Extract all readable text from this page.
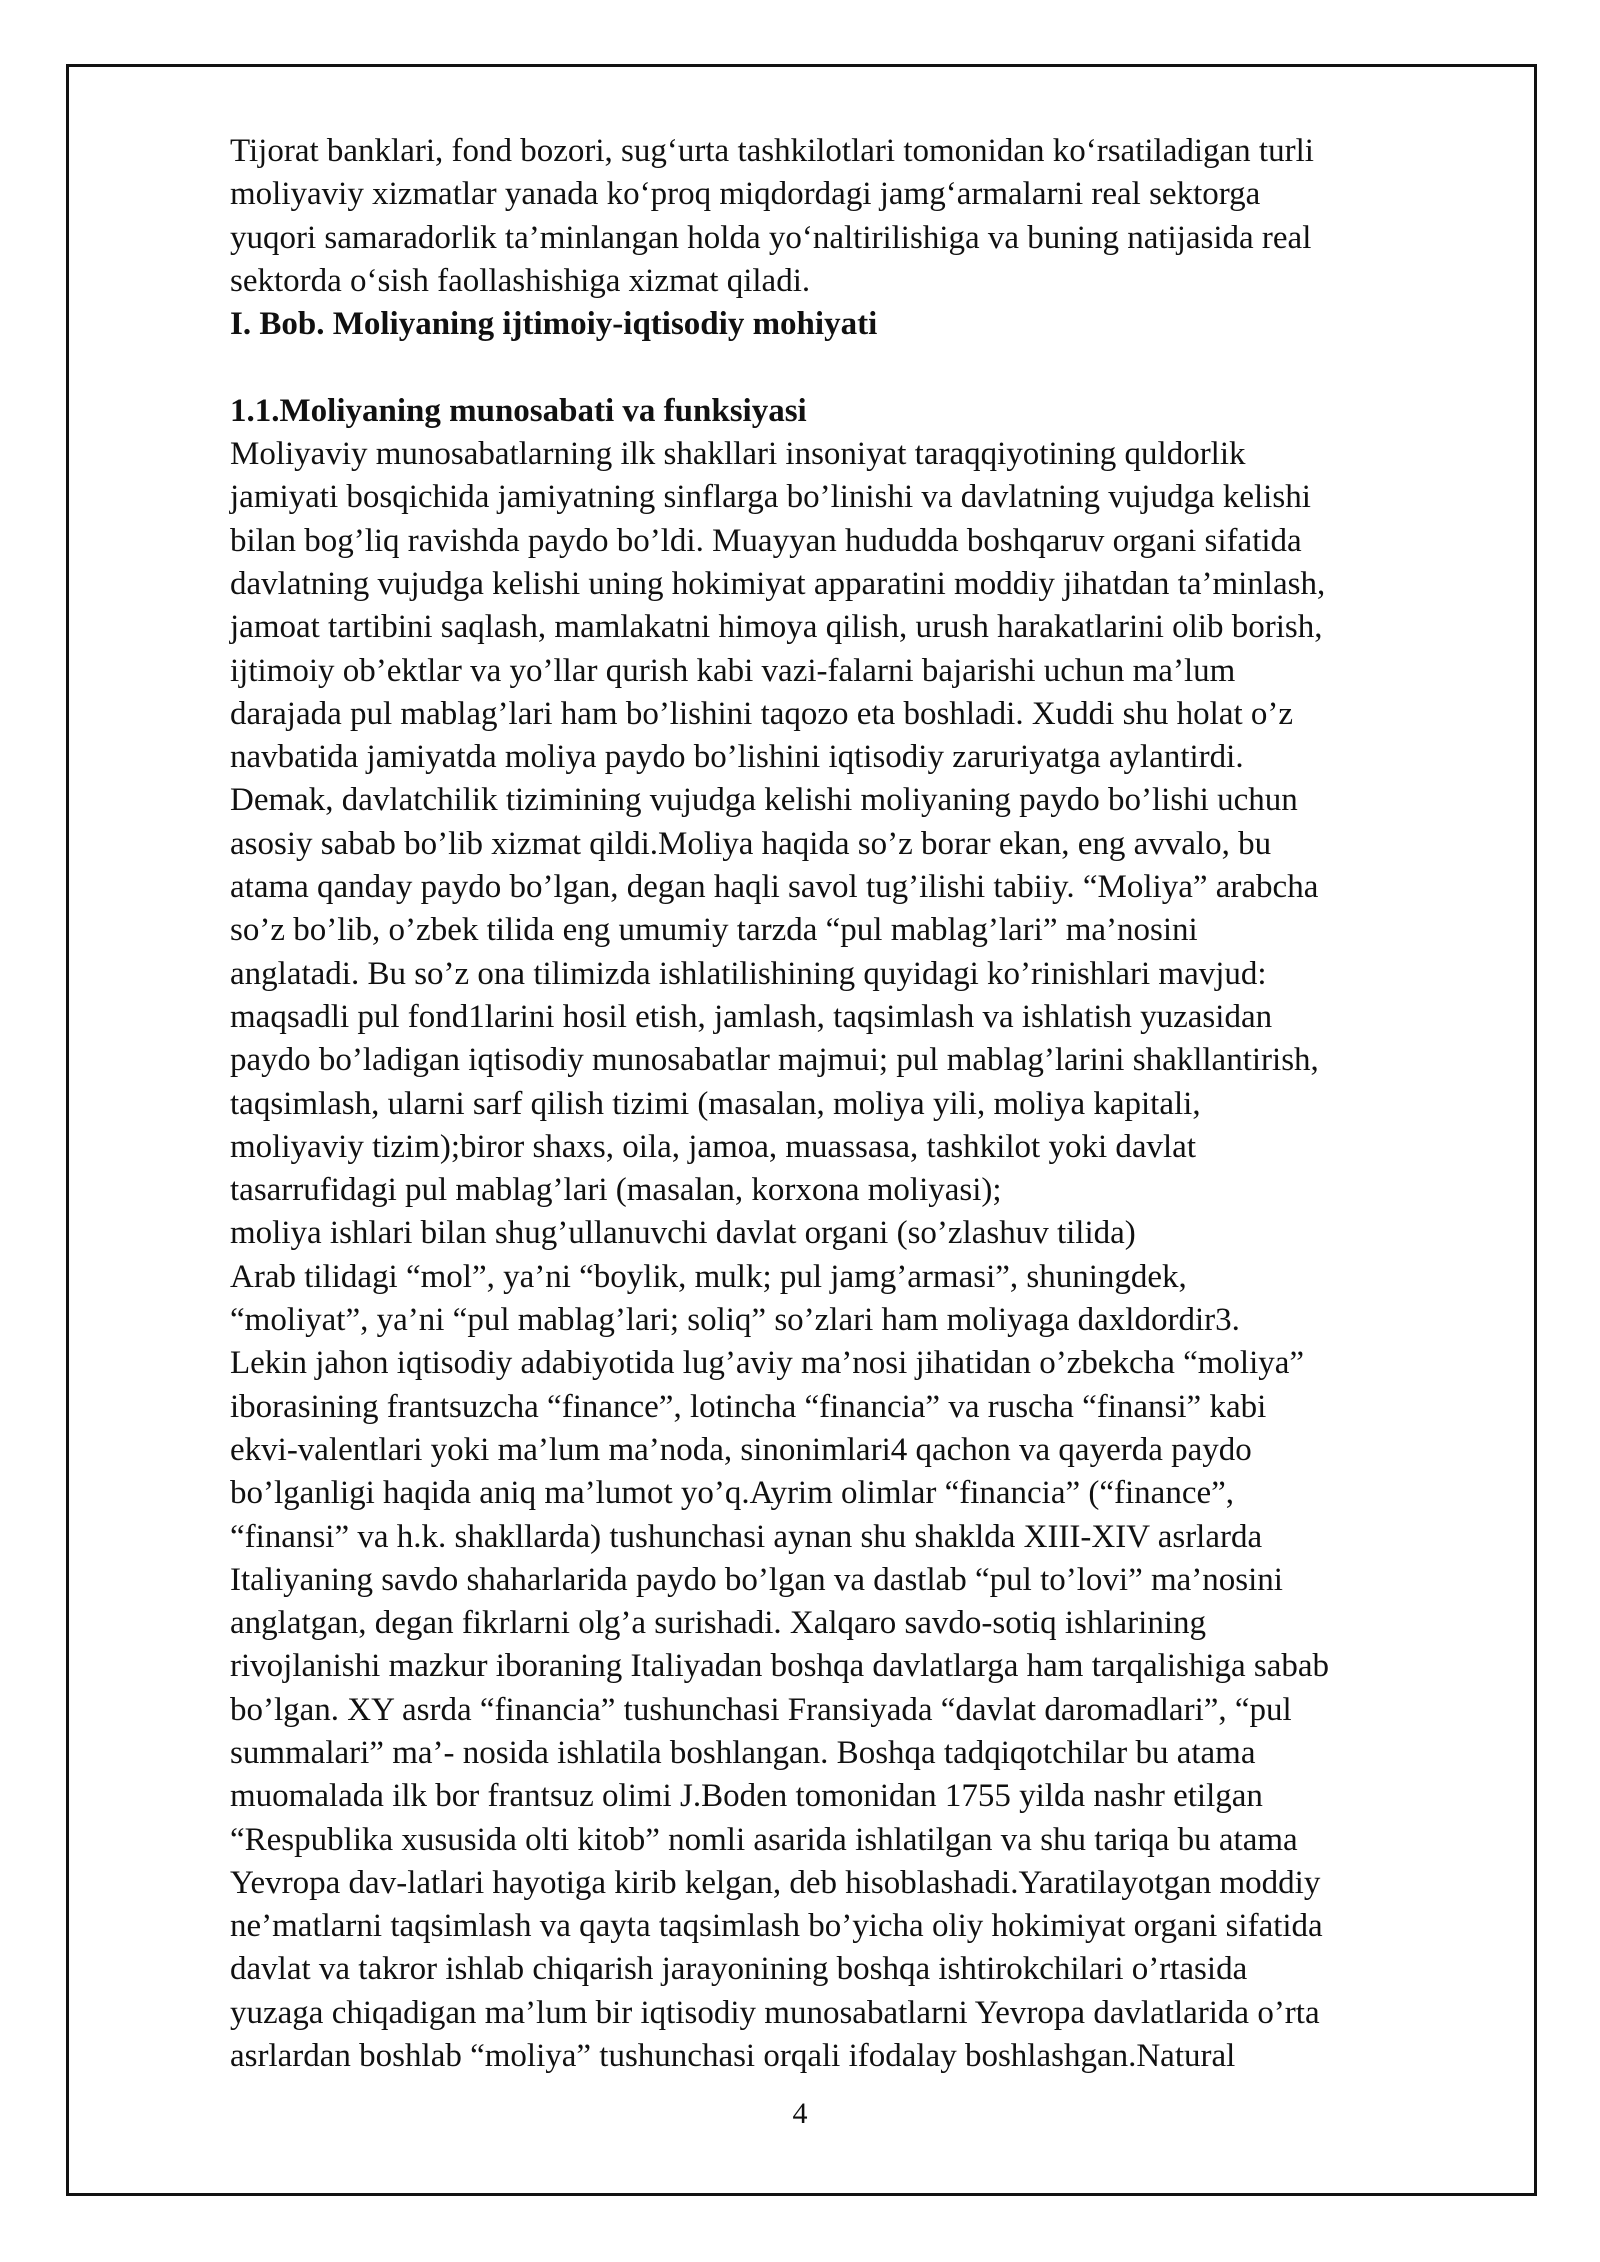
Tijorat banklari, fond bozori, sug‘urta tashkilotlari tomonidan ko‘rsatiladigan turli
moliyaviy xizmatlar yanada ko‘proq miqdordagi jamg‘armalarni real sektorga
yuqori samaradorlik ta’minlangan holda yo‘naltirilishiga va buning natijasida real
sektorda o‘sish faollashishiga xizmat qiladi.
I. Bob. Moliyaning ijtimoiy-iqtisodiy mohiyati
1.1.Moliyaning munosabati va funksiyasi
Moliyaviy munosabatlarning ilk shakllari insoniyat taraqqiyotining quldorlik
jamiyati bosqichida jamiyatning sinflarga bo’linishi va davlatning vujudga kelishi
bilan bog’liq ravishda paydo bo’ldi. Muayyan hududda boshqaruv organi sifatida
davlatning vujudga kelishi uning hokimiyat apparatini moddiy jihatdan ta’minlash,
jamoat tartibini saqlash, mamlakatni himoya qilish, urush harakatlarini olib borish,
ijtimoiy ob’ektlar va yo’llar qurish kabi vazi-falarni bajarishi uchun ma’lum
darajada pul mablag’lari ham bo’lishini taqozo eta boshladi. Xuddi shu holat o’z
navbatida jamiyatda moliya paydo bo’lishini iqtisodiy zaruriyatga aylantirdi.
Demak, davlatchilik tizimining vujudga kelishi moliyaning paydo bo’lishi uchun
asosiy sabab bo’lib xizmat qildi.Moliya haqida so’z borar ekan, eng avvalo, bu
atama qanday paydo bo’lgan, degan haqli savol tug’ilishi tabiiy. “Moliya” arabcha
so’z bo’lib, o’zbek tilida eng umumiy tarzda “pul mablag’lari” ma’nosini
anglatadi. Bu so’z ona tilimizda ishlatilishining quyidagi ko’rinishlari mavjud:
maqsadli pul fond1larini hosil etish, jamlash, taqsimlash va ishlatish yuzasidan
paydo bo’ladigan iqtisodiy munosabatlar majmui; pul mablag’larini shakllantirish,
taqsimlash, ularni sarf qilish tizimi (masalan, moliya yili, moliya kapitali,
moliyaviy tizim);biror shaxs, oila, jamoa, muassasa, tashkilot yoki davlat
tasarrufidagi pul mablag’lari (masalan, korxona moliyasi);
moliya ishlari bilan shug’ullanuvchi davlat organi (so’zlashuv tilida)
Arab tilidagi “mol”, ya’ni “boylik, mulk; pul jamg’armasi”, shuningdek,
“moliyat”, ya’ni “pul mablag’lari; soliq” so’zlari ham moliyaga daxldordir3.
Lekin jahon iqtisodiy adabiyotida lug’aviy ma’nosi jihatidan o’zbekcha “moliya”
iborasining frantsuzcha “finance”, lotincha “financia” va ruscha “finansi” kabi
ekvi-valentlari yoki ma’lum ma’noda, sinonimlari4 qachon va qayerda paydo
bo’lganligi haqida aniq ma’lumot yo’q.Ayrim olimlar “financia” (“finance”,
“finansi” va h.k. shakllarda) tushunchasi aynan shu shaklda XIII-XIV asrlarda
Italiyaning savdo shaharlarida paydo bo’lgan va dastlab “pul to’lovi” ma’nosini
anglatgan, degan fikrlarni olg’a surishadi. Xalqaro savdo-sotiq ishlarining
rivojlanishi mazkur iboraning Italiyadan boshqa davlatlarga ham tarqalishiga sabab
bo’lgan. XY asrda “financia” tushunchasi Fransiyada “davlat daromadlari”, “pul
summalari” ma’- nosida ishlatila boshlangan. Boshqa tadqiqotchilar bu atama
muomalada ilk bor frantsuz olimi J.Boden tomonidan 1755 yilda nashr etilgan
“Respublika xususida olti kitob” nomli asarida ishlatilgan va shu tariqa bu atama
Yevropa dav-latlari hayotiga kirib kelgan, deb hisoblashadi.Yaratilayotgan moddiy
ne’matlarni taqsimlash va qayta taqsimlash bo’yicha oliy hokimiyat organi sifatida
davlat va takror ishlab chiqarish jarayonining boshqa ishtirokchilari o’rtasida
yuzaga chiqadigan ma’lum bir iqtisodiy munosabatlarni Yevropa davlatlarida o’rta
asrlardan boshlab “moliya” tushunchasi orqali ifodalay boshlashgan.Natural
4
